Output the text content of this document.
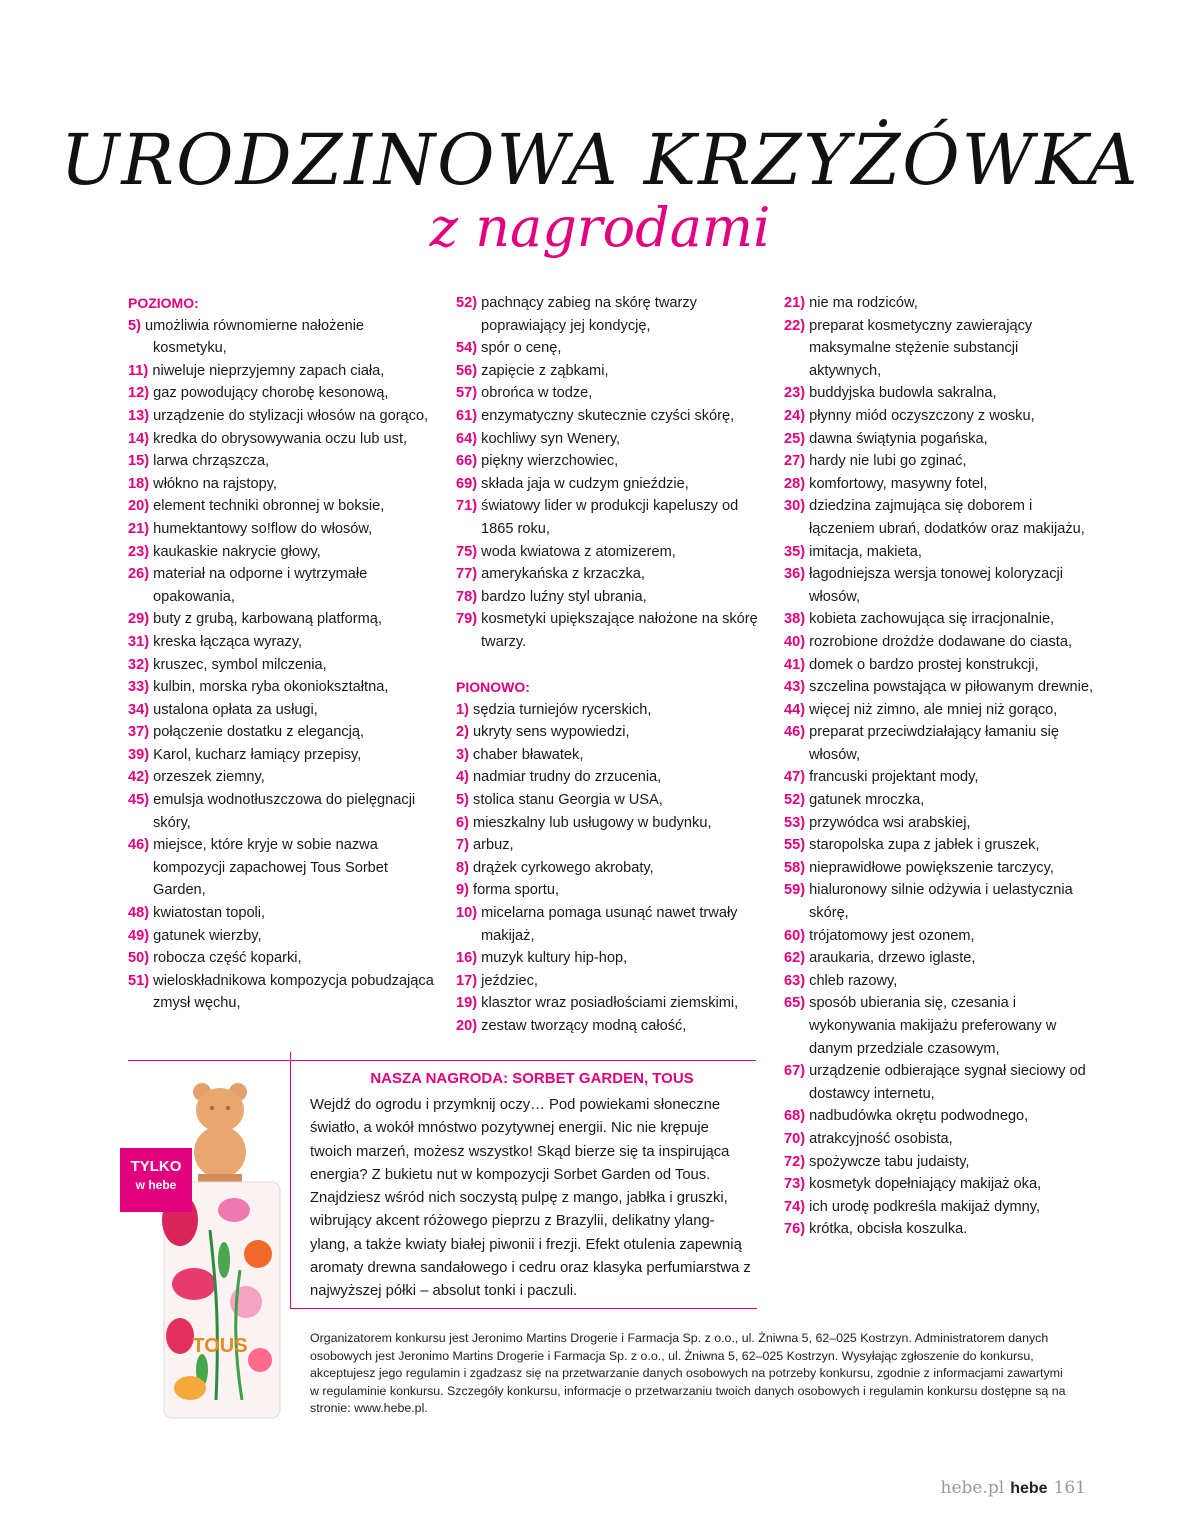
URODZINOWA KRZYŻÓWKA
z nagrodami
POZIOMO:
5) umożliwia równomierne nałożenie kosmetyku,
11) niweluje nieprzyjemny zapach ciała,
12) gaz powodujący chorobę kesonową,
13) urządzenie do stylizacji włosów na gorąco,
14) kredka do obrysowywania oczu lub ust,
15) larwa chrząszcza,
18) włókno na rajstopy,
20) element techniki obronnej w boksie,
21) humektantowy so!flow do włosów,
23) kaukaskie nakrycie głowy,
26) materiał na odporne i wytrzymałe opakowania,
29) buty z grubą, karbowaną platformą,
31) kreska łącząca wyrazy,
32) kruszec, symbol milczenia,
33) kulbin, morska ryba okoniokształtna,
34) ustalona opłata za usługi,
37) połączenie dostatku z elegancją,
39) Karol, kucharz łamiący przepisy,
42) orzeszek ziemny,
45) emulsja wodnotłuszczowa do pielęgnacji skóry,
46) miejsce, które kryje w sobie nazwa kompozycji zapachowej Tous Sorbet Garden,
48) kwiatostan topoli,
49) gatunek wierzby,
50) robocza część koparki,
51) wieloskładnikowa kompozycja pobudzająca zmysł węchu,
52) pachnący zabieg na skórę twarzy poprawiający jej kondycję,
54) spór o cenę,
56) zapięcie z ząbkami,
57) obrońca w todze,
61) enzymatyczny skutecznie czyści skórę,
64) kochliwy syn Wenery,
66) piękny wierzchowiec,
69) składa jaja w cudzym gnieździe,
71) światowy lider w produkcji kapeluszy od 1865 roku,
75) woda kwiatowa z atomizerem,
77) amerykańska z krzaczka,
78) bardzo luźny styl ubrania,
79) kosmetyki upiększające nałożone na skórę twarzy.
PIONOWO:
1) sędzia turniejów rycerskich,
2) ukryty sens wypowiedzi,
3) chaber bławatek,
4) nadmiar trudny do zrzucenia,
5) stolica stanu Georgia w USA,
6) mieszkalny lub usługowy w budynku,
7) arbuz,
8) drążek cyrkowego akrobaty,
9) forma sportu,
10) micelarna pomaga usunąć nawet trwały makijaż,
16) muzyk kultury hip-hop,
17) jeździec,
19) klasztor wraz posiadłościami ziemskimi,
20) zestaw tworzący modną całość,
21) nie ma rodziców,
22) preparat kosmetyczny zawierający maksymalne stężenie substancji aktywnych,
23) buddyjska budowla sakralna,
24) płynny miód oczyszczony z wosku,
25) dawna świątynia pogańska,
27) hardy nie lubi go zginać,
28) komfortowy, masywny fotel,
30) dziedzina zajmująca się doborem i łączeniem ubrań, dodatków oraz makijażu,
35) imitacja, makieta,
36) łagodniejsza wersja tonowej koloryzacji włosów,
38) kobieta zachowująca się irracjonalnie,
40) rozrobione drożdże dodawane do ciasta,
41) domek o bardzo prostej konstrukcji,
43) szczelina powstająca w piłowanym drewnie,
44) więcej niż zimno, ale mniej niż gorąco,
46) preparat przeciwdziałający łamaniu się włosów,
47) francuski projektant mody,
52) gatunek mroczka,
53) przywódca wsi arabskiej,
55) staropolska zupa z jabłek i gruszek,
58) nieprawidłowe powiększenie tarczycy,
59) hialuronowy silnie odżywia i uelastycznia skórę,
60) trójatomowy jest ozonem,
62) araukaria, drzewo iglaste,
63) chleb razowy,
65) sposób ubierania się, czesania i wykonywania makijażu preferowany w danym przedziale czasowym,
67) urządzenie odbierające sygnał sieciowy od dostawcy internetu,
68) nadbudówka okrętu podwodnego,
70) atrakcyjność osobista,
72) spożywcze tabu judaisty,
73) kosmetyk dopełniający makijaż oka,
74) ich urodę podkreśla makijaż dymny,
76) krótka, obcisła koszulka.
NASZA NAGRODA: SORBET GARDEN, TOUS
Wejdź do ogrodu i przymknij oczy… Pod powiekami słoneczne światło, a wokół mnóstwo pozytywnej energii. Nic nie krępuje twoich marzeń, możesz wszystko! Skąd bierze się ta inspirująca energia? Z bukietu nut w kompozycji Sorbet Garden od Tous. Znajdziesz wśród nich soczystą pulpę z mango, jabłka i gruszki, wibrujący akcent różowego pieprzu z Brazylii, delikatny ylang-ylang, a także kwiaty białej piwonii i frezji. Efekt otulenia zapewnią aromaty drewna sandałowego i cedru oraz klasyka perfumiarstwa z najwyższej półki – absolut tonki i paczuli.
TOUS
TYLKO
w hebe
Organizatorem konkursu jest Jeronimo Martins Drogerie i Farmacja Sp. z o.o., ul. Żniwna 5, 62–025 Kostrzyn. Administratorem danych osobowych jest Jeronimo Martins Drogerie i Farmacja Sp. z o.o., ul. Żniwna 5, 62–025 Kostrzyn. Wysyłając zgłoszenie do konkursu, akceptujesz jego regulamin i zgadzasz się na przetwarzanie danych osobowych na potrzeby konkursu, zgodnie z informacjami zawartymi w regulaminie konkursu. Szczegóły konkursu, informacje o przetwarzaniu twoich danych osobowych i regulamin konkursu dostępne są na stronie: www.hebe.pl.
hebe.pl hebe 161
